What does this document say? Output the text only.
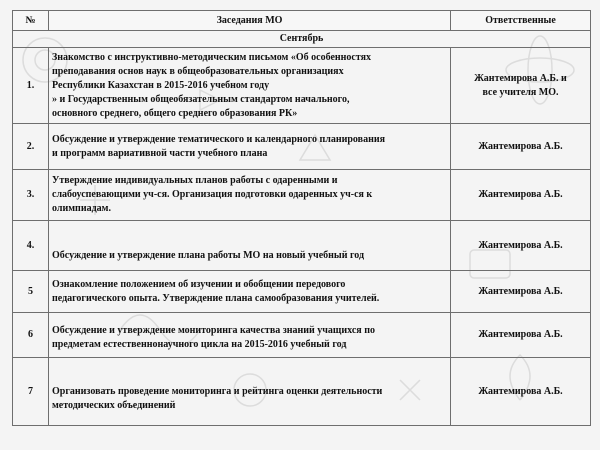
№	Заседания МО	Ответственные
Сентябрь		
1.	Знакомство с инструктивно-методическим письмом «Об особенностях
преподавания основ наук в общеобразовательных организациях
Республики Казахстан в 2015-2016 учебном году
» и Государственным общеобязательным стандартом начального,
основного среднего, общего среднего образования РК»	Жантемирова А.Б. и
все учителя МО.

2.	Обсуждение и утверждение тематического и календарного планирования
и программ вариативной части учебного плана	Жантемирова А.Б.

3.	Утверждение индивидуальных планов работы с одаренными и
слабоуспевающими уч-ся. Организация подготовки одаренных уч-ся к
олимпиадам.	Жантемирова А.Б.

4.	Обсуждение и утверждение плана работы МО на новый учебный год	Жантемирова А.Б.

5	Ознакомление положением об изучении и обобщении передового
педагогического опыта. Утверждение плана самообразования учителей.	Жантемирова А.Б.

6	Обсуждение и утверждение мониторинга качества знаний учащихся по
предметам естественнонаучного цикла на 2015-2016 учебный год	Жантемирова А.Б.

7	Организовать проведение мониторинга и рейтинга оценки деятельности
методических объединений	Жантемирова А.Б.
